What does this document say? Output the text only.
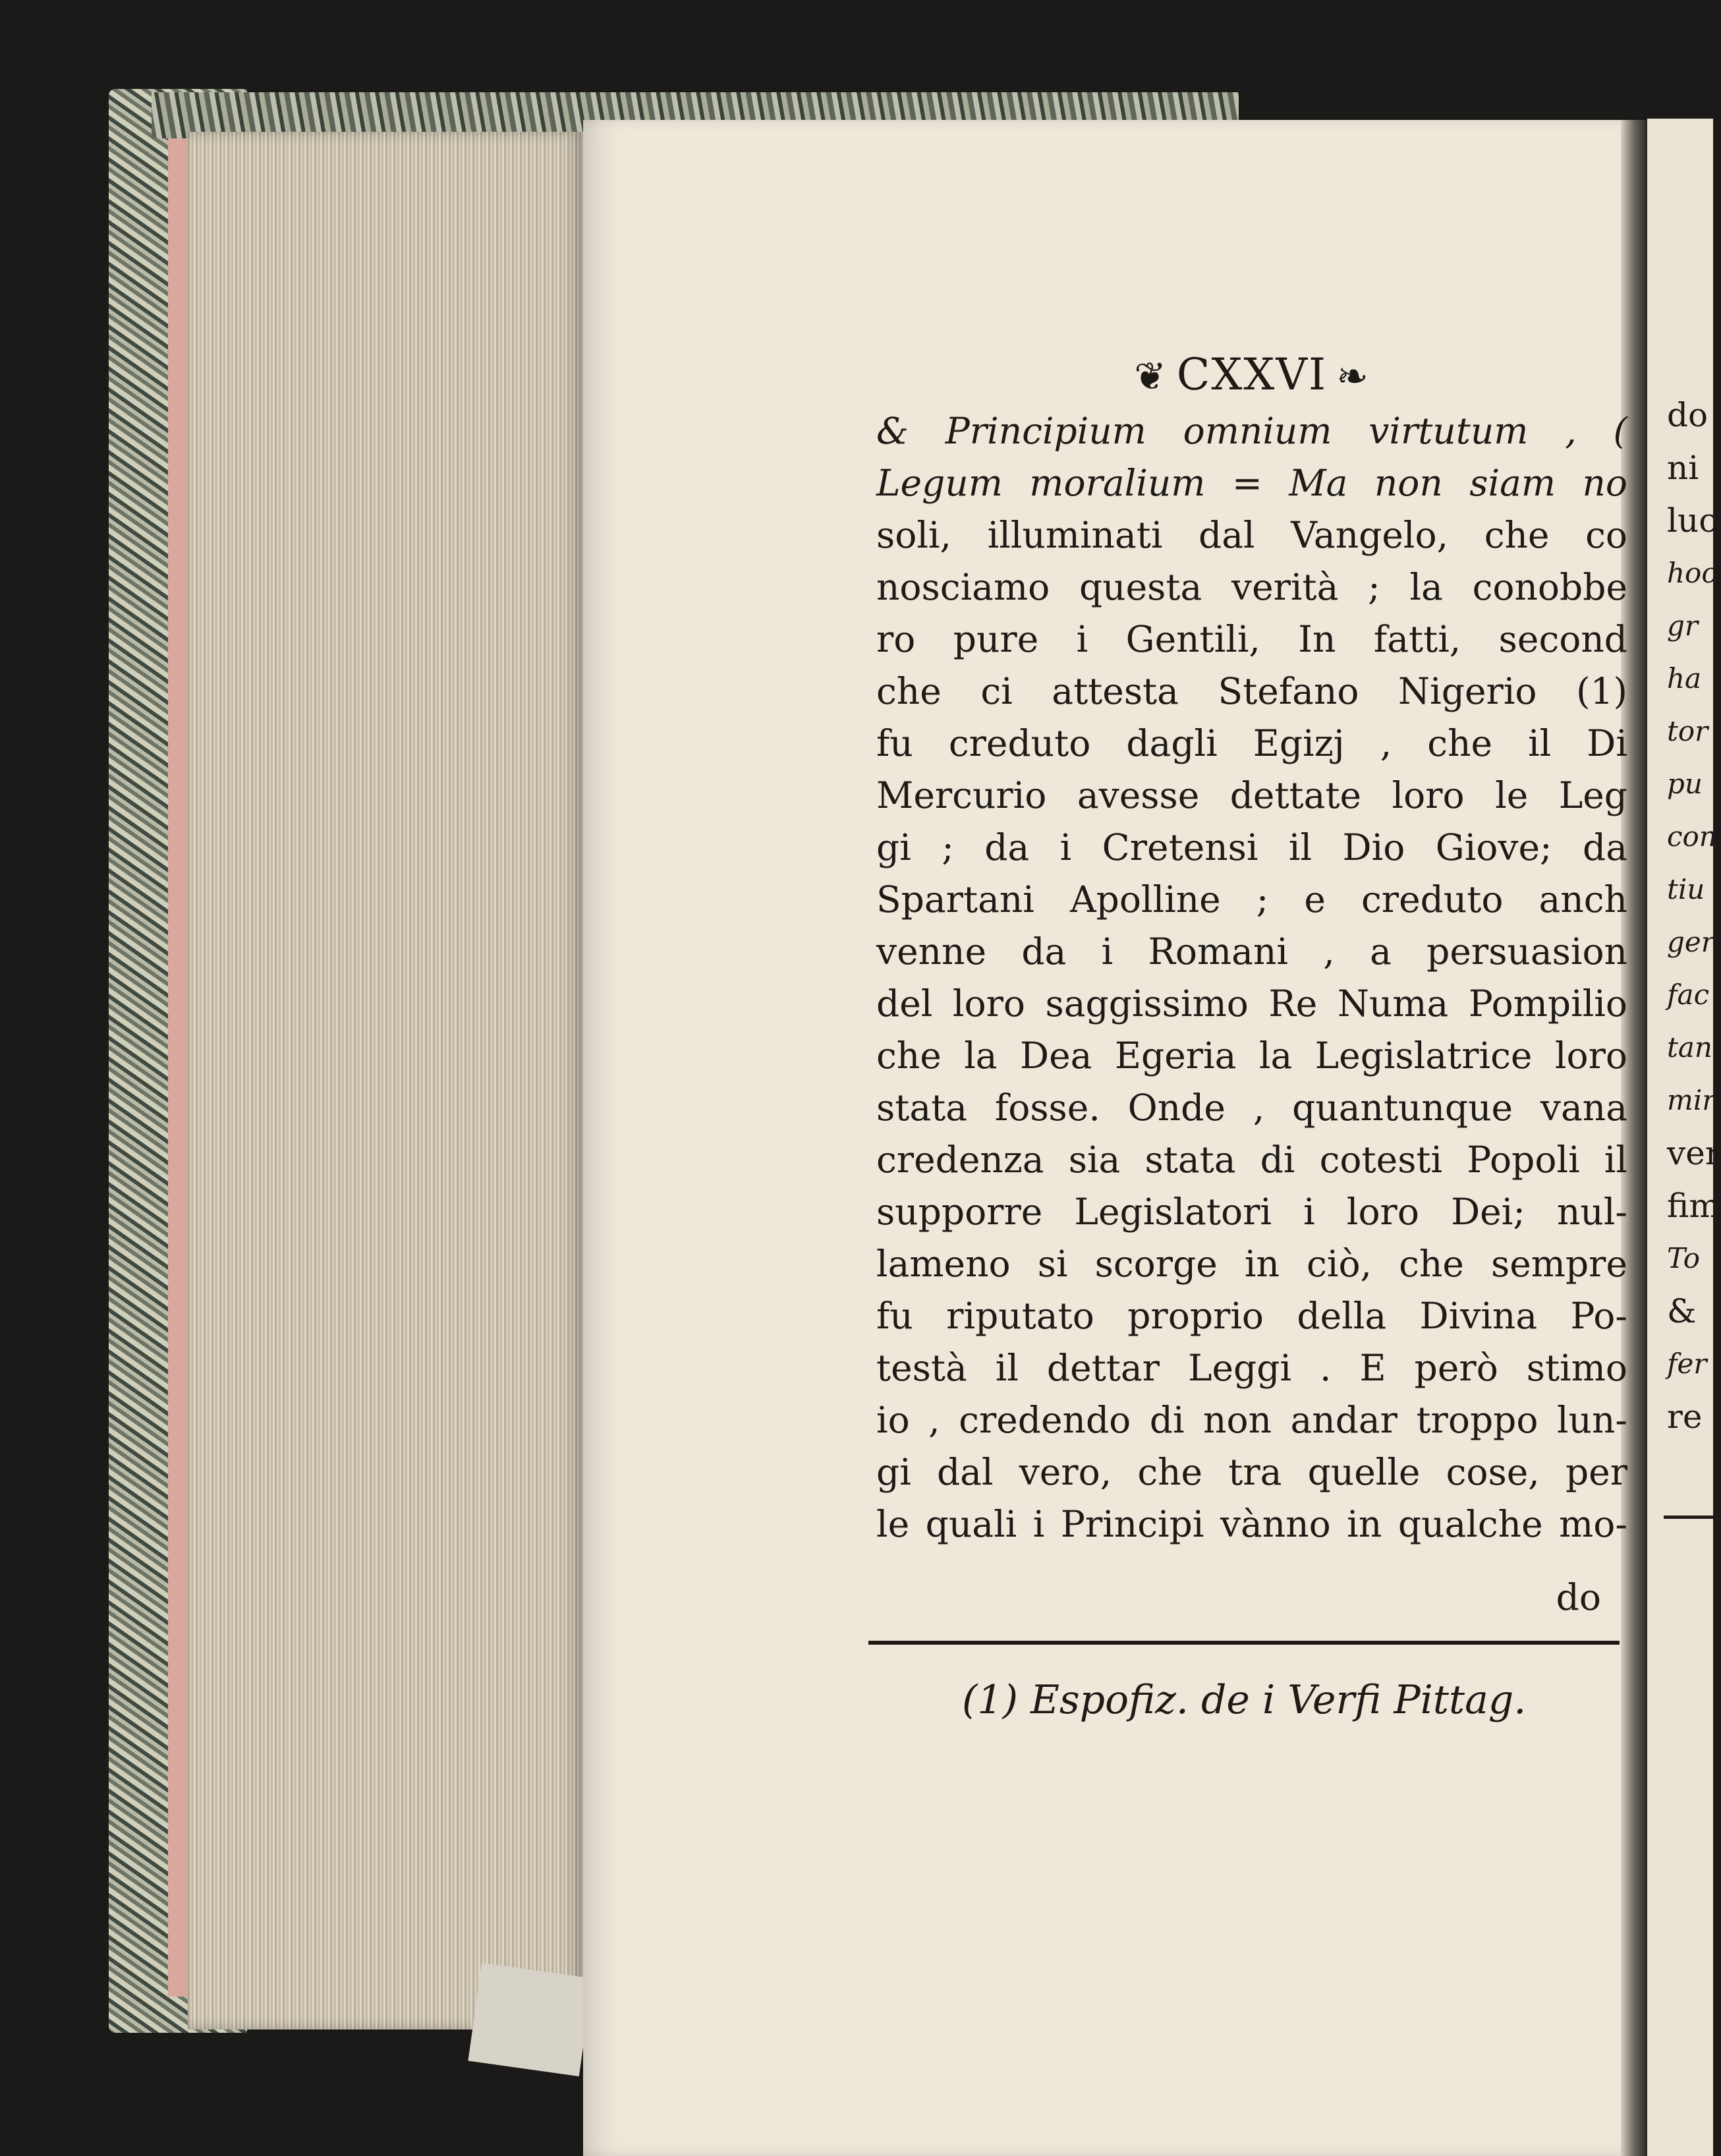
❦ CXXVI ❧
& Principium omnium virtutum , (
Legum moralium = Ma non siam no
soli, illuminati dal Vangelo, che co
nosciamo questa verità ; la conobbe
ro pure i Gentili, In fatti, second
che ci attesta Stefano Nigerio (1)
fu creduto dagli Egizj , che il Di
Mercurio avesse dettate loro le Leg
gi ; da i Cretensi il Dio Giove; da
Spartani Apolline ; e creduto anch
venne da i Romani , a persuasion
del loro saggissimo Re Numa Pompilio
che la Dea Egeria la Legislatrice loro
stata fosse. Onde , quantunque vana
credenza sia stata di cotesti Popoli il
supporre Legislatori i loro Dei; nul-
lameno si scorge in ciò, che sempre
fu riputato proprio della Divina Po-
testà il dettar Leggi . E però stimo
io , credendo di non andar troppo lun-
gi dal vero, che tra quelle cose, per
le quali i Principi vànno in qualche mo-
do
(1) Espofiz. de i Verfi Pittag.
do
ni
luc
hoc
gr
ha
tor
pu
con
tiu
ger
fac
tan
mir
ver
fim
To
&
fer
re
